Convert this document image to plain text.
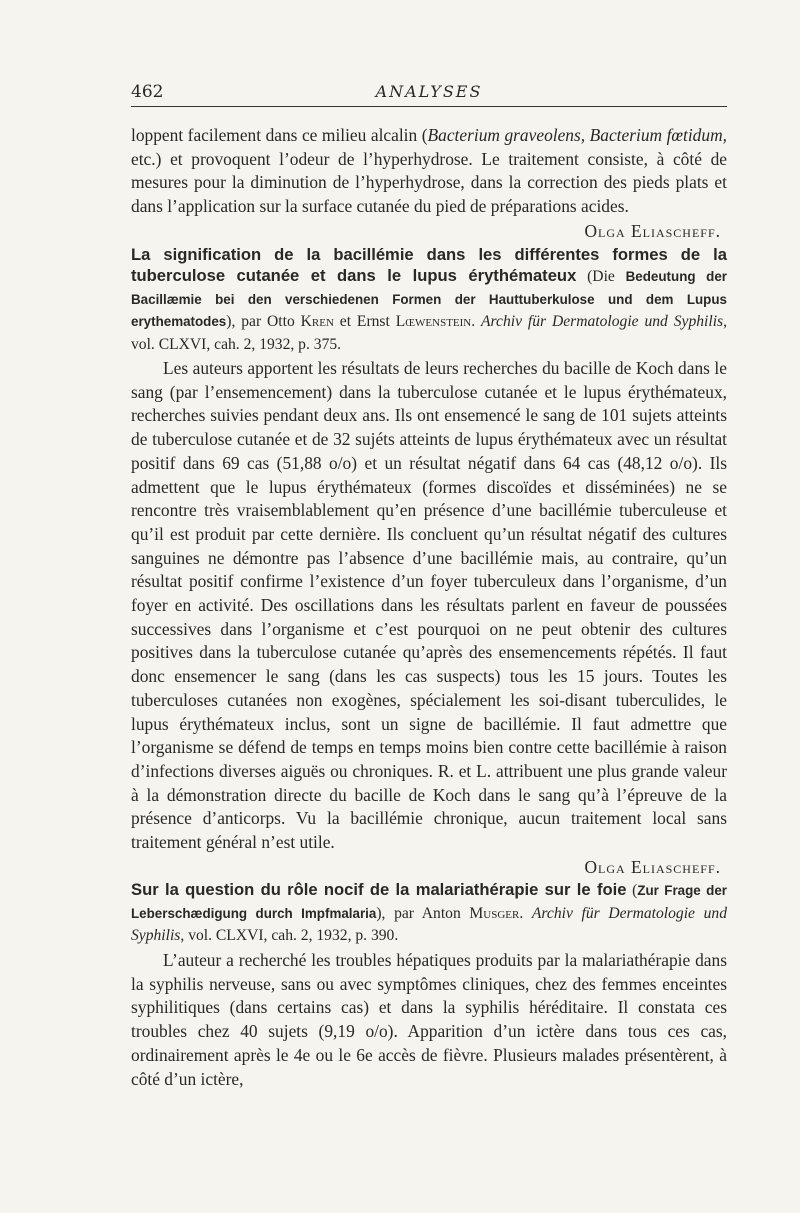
462	ANALYSES

loppent facilement dans ce milieu alcalin (Bacterium graveolens, Bacterium fœtidum, etc.) et provoquent l’odeur de l’hyperhydrose. Le traitement consiste, à côté de mesures pour la diminution de l’hyperhydrose, dans la correction des pieds plats et dans l’application sur la surface cutanée du pied de préparations acides.

Olga Eliascheff.

La signification de la bacillémie dans les différentes formes de la tuberculose cutanée et dans le lupus érythémateux (Die Bedeutung der Bacillæmie bei den verschiedenen Formen der Hauttuberkulose und dem Lupus erythematodes), par Otto Kren et Ernst Lœwenstein. Archiv für Dermatologie und Syphilis, vol. CLXVI, cah. 2, 1932, p. 375.

Les auteurs apportent les résultats de leurs recherches du bacille de Koch dans le sang (par l’ensemencement) dans la tuberculose cutanée et le lupus érythémateux, recherches suivies pendant deux ans. Ils ont ensemencé le sang de 101 sujets atteints de tuberculose cutanée et de 32 sujéts atteints de lupus érythémateux avec un résultat positif dans 69 cas (51,88 o/o) et un résultat négatif dans 64 cas (48,12 o/o). Ils admettent que le lupus érythémateux (formes discoïdes et disséminées) ne se rencontre très vraisemblablement qu’en présence d’une bacillémie tuberculeuse et qu’il est produit par cette dernière. Ils concluent qu’un résultat négatif des cultures sanguines ne démontre pas l’absence d’une bacillémie mais, au contraire, qu’un résultat positif confirme l’existence d’un foyer tuberculeux dans l’organisme, d’un foyer en activité. Des oscillations dans les résultats parlent en faveur de poussées successives dans l’organisme et c’est pourquoi on ne peut obtenir des cultures positives dans la tuberculose cutanée qu’après des ensemencements répétés. Il faut donc ensemencer le sang (dans les cas suspects) tous les 15 jours. Toutes les tuberculoses cutanées non exogènes, spécialement les soi-disant tuberculides, le lupus érythémateux inclus, sont un signe de bacillémie. Il faut admettre que l’organisme se défend de temps en temps moins bien contre cette bacillémie à raison d’infections diverses aiguës ou chroniques. R. et L. attribuent une plus grande valeur à la démonstration directe du bacille de Koch dans le sang qu’à l’épreuve de la présence d’anticorps. Vu la bacillémie chronique, aucun traitement local sans traitement général n’est utile.

Olga Eliascheff.

Sur la question du rôle nocif de la malariathérapie sur le foie (Zur Frage der Leberschædigung durch Impfmalaria), par Anton Musger. Archiv für Dermatologie und Syphilis, vol. CLXVI, cah. 2, 1932, p. 390.

L’auteur a recherché les troubles hépatiques produits par la malariathérapie dans la syphilis nerveuse, sans ou avec symptômes cliniques, chez des femmes enceintes syphilitiques (dans certains cas) et dans la syphilis héréditaire. Il constata ces troubles chez 40 sujets (9,19 o/o). Apparition d’un ictère dans tous ces cas, ordinairement après le 4e ou le 6e accès de fièvre. Plusieurs malades présentèrent, à côté d’un ictère,
